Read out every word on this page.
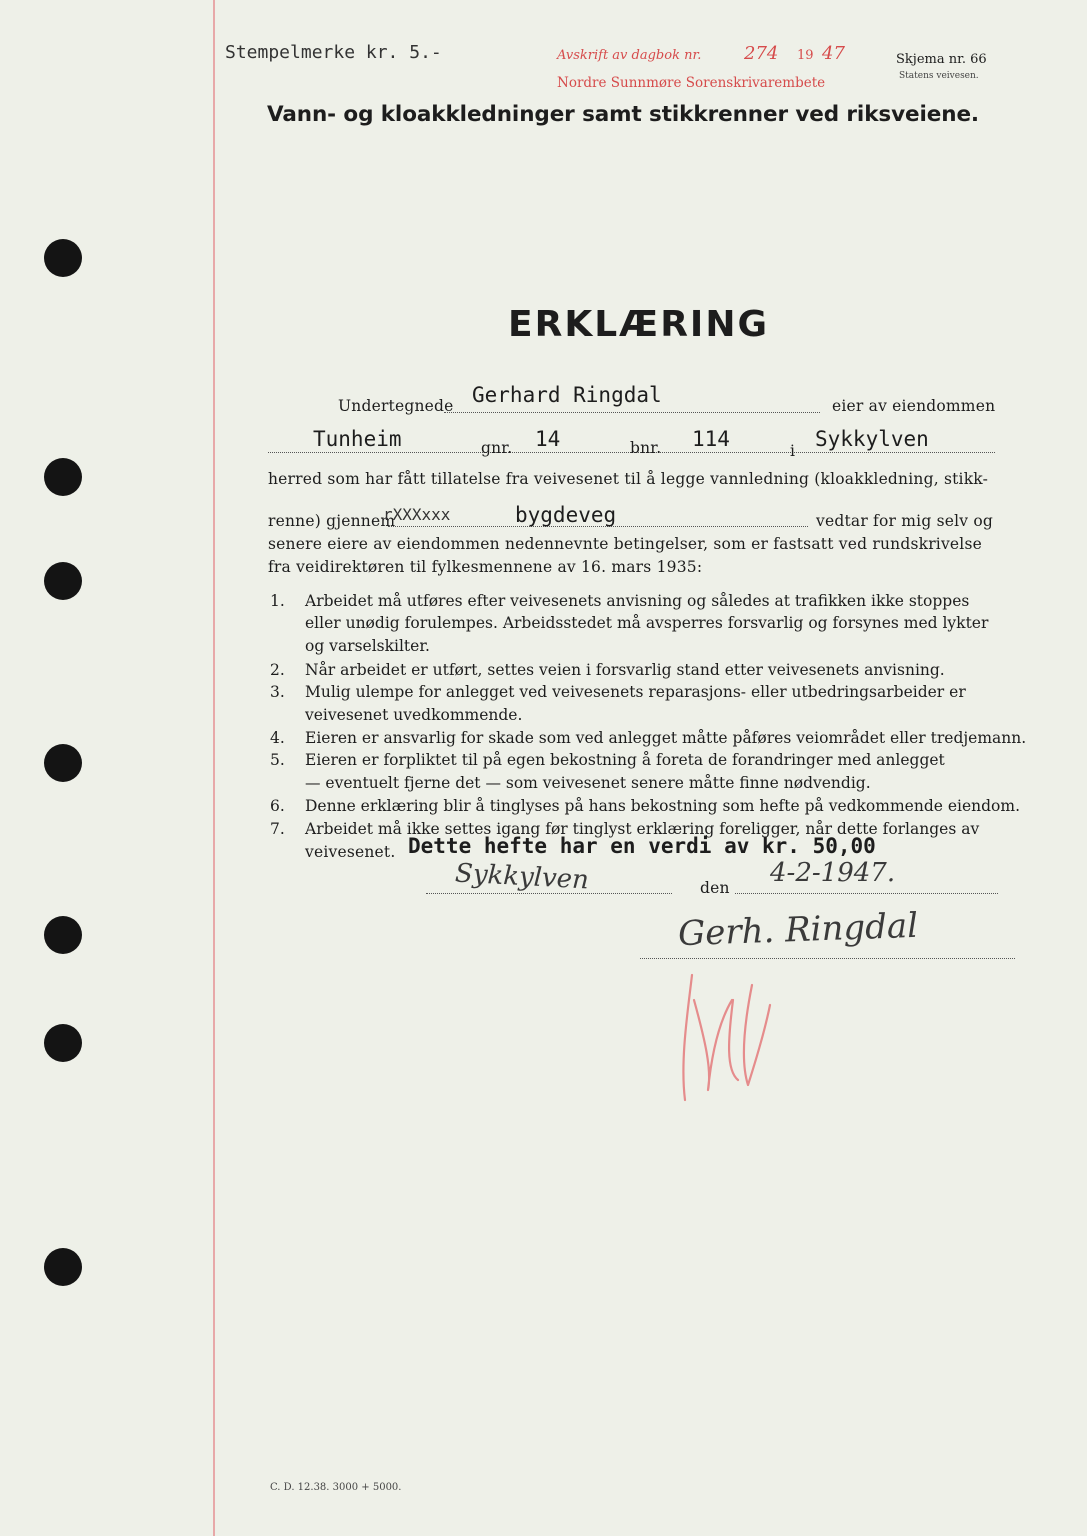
Stempelmerke kr. 5.-	Avskrift av dagbok nr. 274 19 47
Nordre Sunnmøre Sorenskrivarembete
Skjema nr. 66
Statens veivesen.
Vann- og kloakkledninger samt stikkrenner ved riksveiene.
ERKLÆRING
Undertegnede Gerhard Ringdal	eier av eiendommen
Tunheim	gnr. 14	bnr. 114	i Sykkylven
herred som har fått tillatelse fra veivesenet til å legge vannledning (kloakkledning, stikk-
renne) gjennem
rXXXxxx	bygdeveg	vedtar for mig selv og
senere eiere av eiendommen nedennevnte betingelser, som er fastsatt ved rundskrivelse
fra veidirektøren til fylkesmennene av 16. mars 1935:
1. Arbeidet må utføres efter veivesenets anvisning og således at trafikken ikke stoppes
eller unødig forulempes. Arbeidsstedet må avsperres forsvarlig og forsynes med lykter
og varselskilter.
2. Når arbeidet er utført, settes veien i forsvarlig stand etter veivesenets anvisning.
3. Mulig ulempe for anlegget ved veivesenets reparasjons- eller utbedringsarbeider er
veivesenet uvedkommende.
4. Eieren er ansvarlig for skade som ved anlegget måtte påføres veiområdet eller tredjemann.
5. Eieren er forpliktet til på egen bekostning å foreta de forandringer med anlegget
— eventuelt fjerne det — som veivesenet senere måtte finne nødvendig.
6. Denne erklæring blir å tinglyses på hans bekostning som hefte på vedkommende eiendom.
7. Arbeidet må ikke settes igang før tinglyst erklæring foreligger, når dette forlanges av
veivesenet. Dette hefte har en verdi av kr. 50,00
Sykkylven	den 4-2-1947.
Gerh. Ringdal
C. D. 12.38. 3000 + 5000.
